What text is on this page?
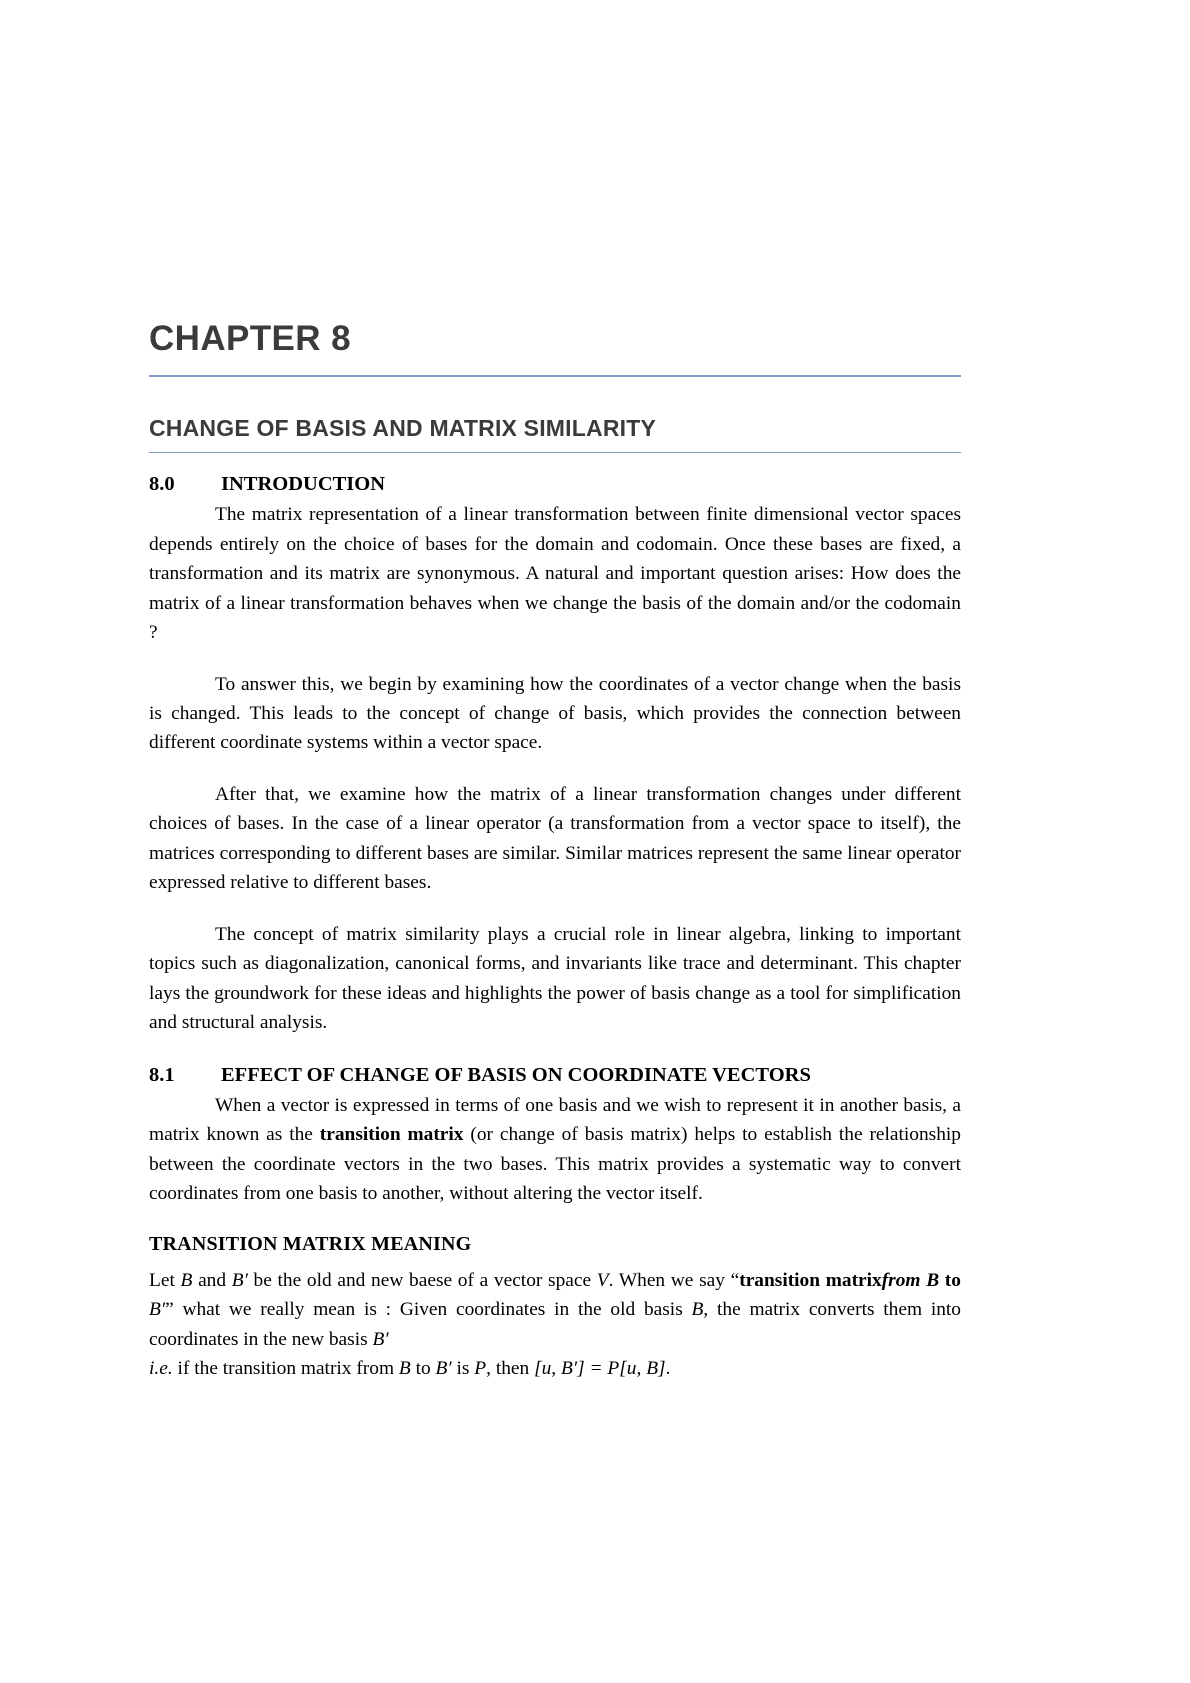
CHAPTER 8
CHANGE OF BASIS AND MATRIX SIMILARITY
8.0	INTRODUCTION

The matrix representation of a linear transformation between finite dimensional vector spaces depends entirely on the choice of bases for the domain and codomain. Once these bases are fixed, a transformation and its matrix are synonymous. A natural and important question arises: How does the matrix of a linear transformation behaves when we change the basis of the domain and/or the codomain ?

To answer this, we begin by examining how the coordinates of a vector change when the basis is changed. This leads to the concept of change of basis, which provides the connection between different coordinate systems within a vector space.

After that, we examine how the matrix of a linear transformation changes under different choices of bases. In the case of a linear operator (a transformation from a vector space to itself), the matrices corresponding to different bases are similar. Similar matrices represent the same linear operator expressed relative to different bases.

The concept of matrix similarity plays a crucial role in linear algebra, linking to important topics such as diagonalization, canonical forms, and invariants like trace and determinant. This chapter lays the groundwork for these ideas and highlights the power of basis change as a tool for simplification and structural analysis.

8.1	EFFECT OF CHANGE OF BASIS ON COORDINATE VECTORS

When a vector is expressed in terms of one basis and we wish to represent it in another basis, a matrix known as the transition matrix (or change of basis matrix) helps to establish the relationship between the coordinate vectors in the two bases. This matrix provides a systematic way to convert coordinates from one basis to another, without altering the vector itself.

TRANSITION MATRIX MEANING

Let B and B′ be the old and new baese of a vector space V. When we say “transition matrixfrom B to B′” what we really mean is : Given coordinates in the old basis B, the matrix converts them into coordinates in the new basis B′

i.e. if the transition matrix from B to B′ is P, then [u, B′] = P[u, B].
